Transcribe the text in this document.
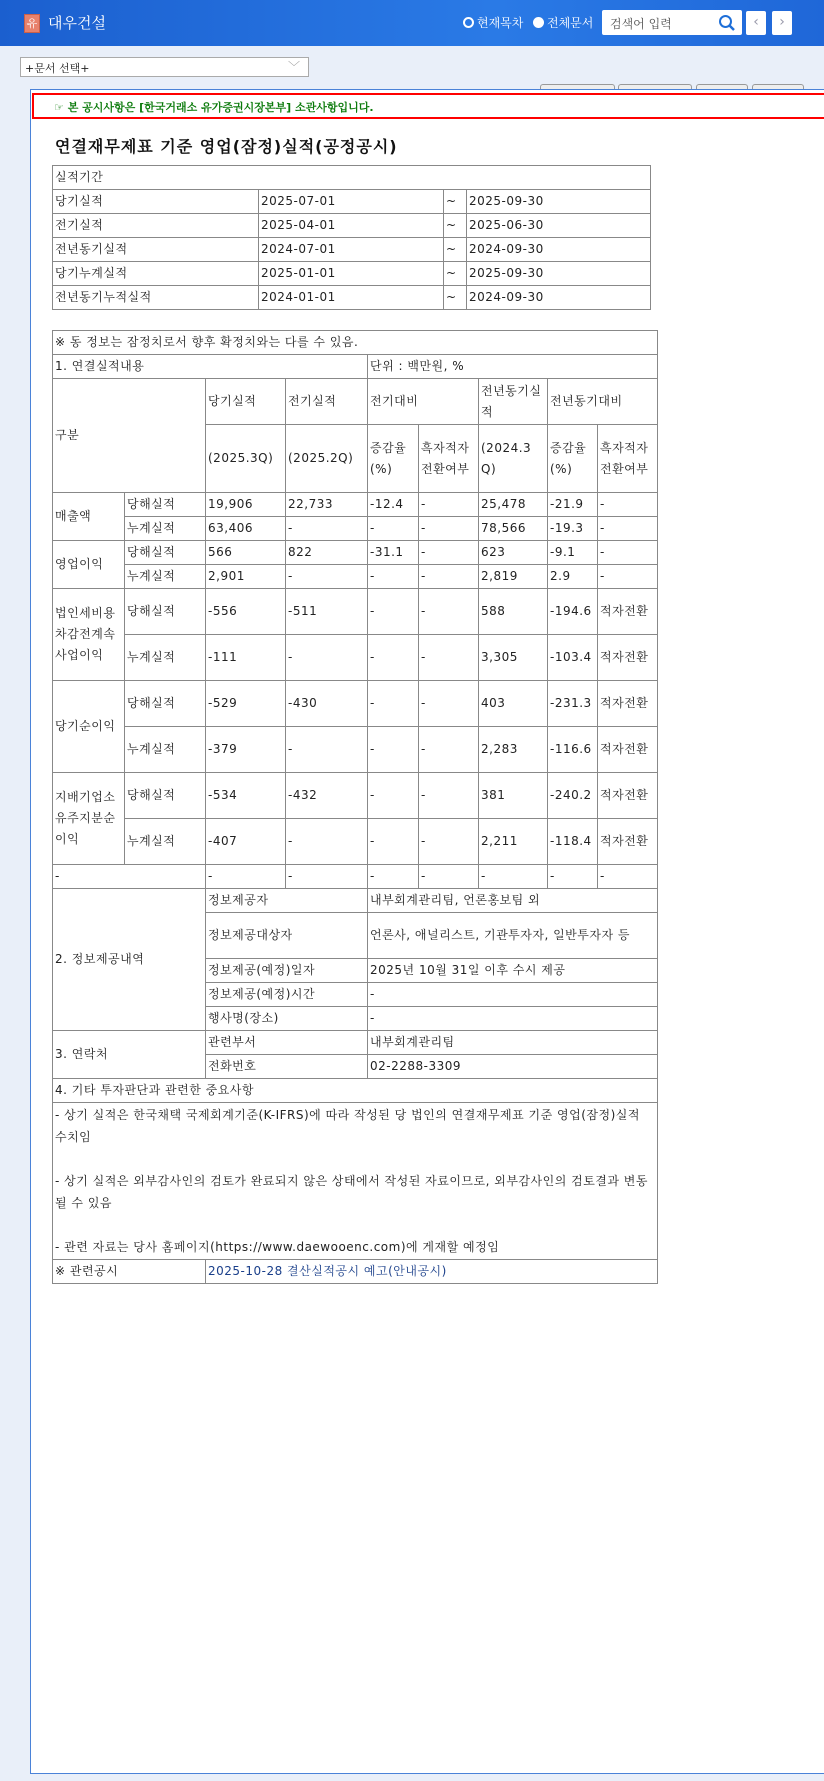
유 대우건설	현재목차 전체문서	검색어 입력	‹	›
+문서 선택+	﹀
☞ 본 공시사항은 [한국거래소 유가증권시장본부] 소관사항입니다.
연결재무제표 기준 영업(잠정)실적(공정공시)
실적기간			
당기실적	2025-07-01	~	2025-09-30
전기실적	2025-04-01	~	2025-06-30
전년동기실적	2024-07-01	~	2024-09-30
당기누계실적	2025-01-01	~	2025-09-30
전년동기누적실적	2024-01-01	~	2024-09-30
※ 동 정보는 잠정치로서 향후 확정치와는 다를 수 있음.								
1. 연결실적내용				단위 : 백만원, %				
구분		당기실적	전기실적	전기대비		전년동기실적	전년동기대비	
		(2025.3Q)	(2025.2Q)	증감율(%)	흑자적자전환여부	(2024.3Q)	증감율(%)	흑자적자전환여부
매출액	당해실적	19,906	22,733	-12.4	-	25,478	-21.9	-
	누계실적	63,406	-	-	-	78,566	-19.3	-
영업이익	당해실적	566	822	-31.1	-	623	-9.1	-
	누계실적	2,901	-	-	-	2,819	2.9	-
법인세비용차감전계속사업이익	당해실적	-556	-511	-	-	588	-194.6	적자전환
	누계실적	-111	-	-	-	3,305	-103.4	적자전환
당기순이익	당해실적	-529	-430	-	-	403	-231.3	적자전환
	누계실적	-379	-	-	-	2,283	-116.6	적자전환
지배기업소유주지분순이익	당해실적	-534	-432	-	-	381	-240.2	적자전환
	누계실적	-407	-	-	-	2,211	-118.4	적자전환
-		-	-	-	-	-	-	-
2. 정보제공내역		정보제공자		내부회계관리팀, 언론홍보팀 외				
		정보제공대상자		언론사, 애널리스트, 기관투자자, 일반투자자 등				
		정보제공(예정)일자		2025년 10월 31일 이후 수시 제공				
		정보제공(예정)시간		-				
		행사명(장소)		-				
3. 연락처		관련부서		내부회계관리팀				
		전화번호		02-2288-3309				
4. 기타 투자판단과 관련한 중요사항								

- 상기 실적은 한국채택 국제회계기준(K-IFRS)에 따라 작성된 당 법인의 연결재무제표 기준 영업(잠정)실적 수치임
- 상기 실적은 외부감사인의 검토가 완료되지 않은 상태에서 작성된 자료이므로, 외부감사인의 검토결과 변동될 수 있음
- 관련 자료는 당사 홈페이지(https://www.daewooenc.com)에 게재할 예정임								

※ 관련공시		2025-10-28 결산실적공시 예고(안내공시)						
